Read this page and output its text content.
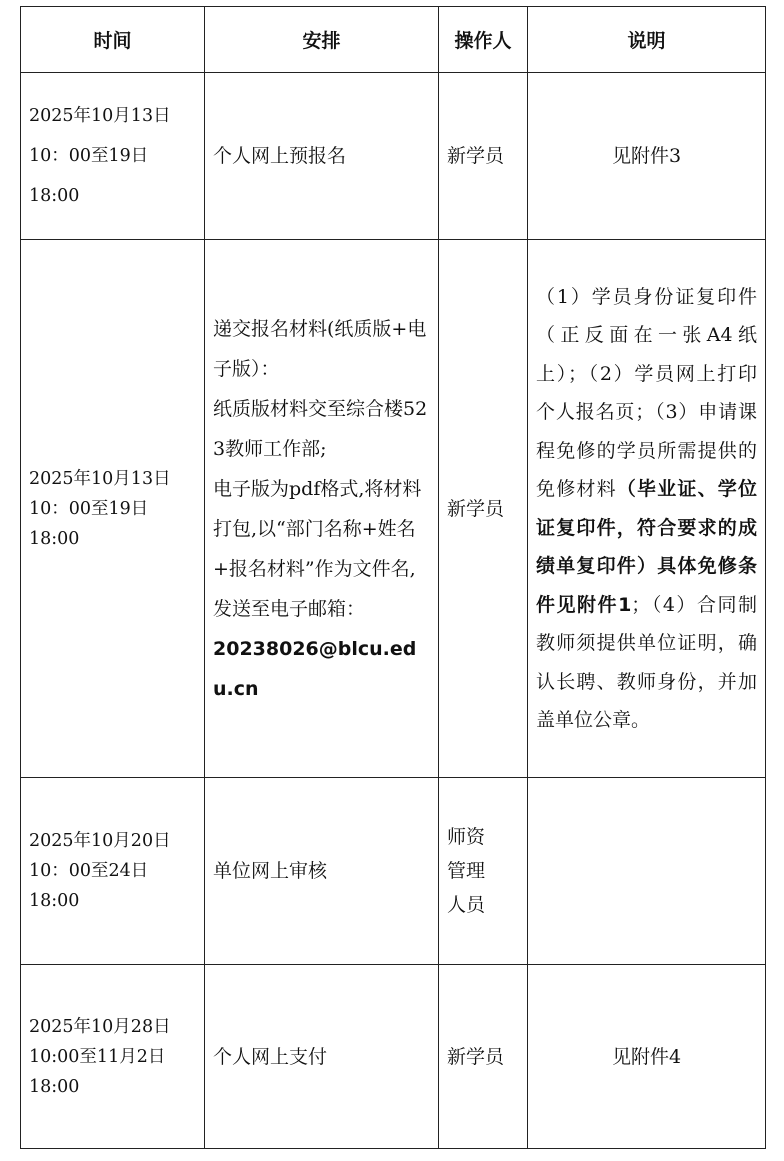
时间	安排	操作人	说明

2025年10月13日10：00至19日18:00	个人网上预报名	新学员	见附件3

2025年10月13日10：00至19日18:00	递交报名材料(纸质版+电子版）：
纸质版材料交至综合楼523教师工作部;
电子版为pdf格式,将材料打包,以“部门名称+姓名+报名材料”作为文件名,发送至电子邮箱：
20238026@blcu.edu.cn	新学员	（1）学员身份证复印件（正反面在一张A4纸上）；（2）学员网上打印个人报名页；（3）申请课程免修的学员所需提供的免修材料（毕业证、学位证复印件，符合要求的成绩单复印件）具体免修条件见附件1；（4）合同制教师须提供单位证明，确认长聘、教师身份，并加盖单位公章。

2025年10月20日10：00至24日18:00	单位网上审核	师资管理人员	

2025年10月28日10:00至11月2日18:00	个人网上支付	新学员	见附件4
